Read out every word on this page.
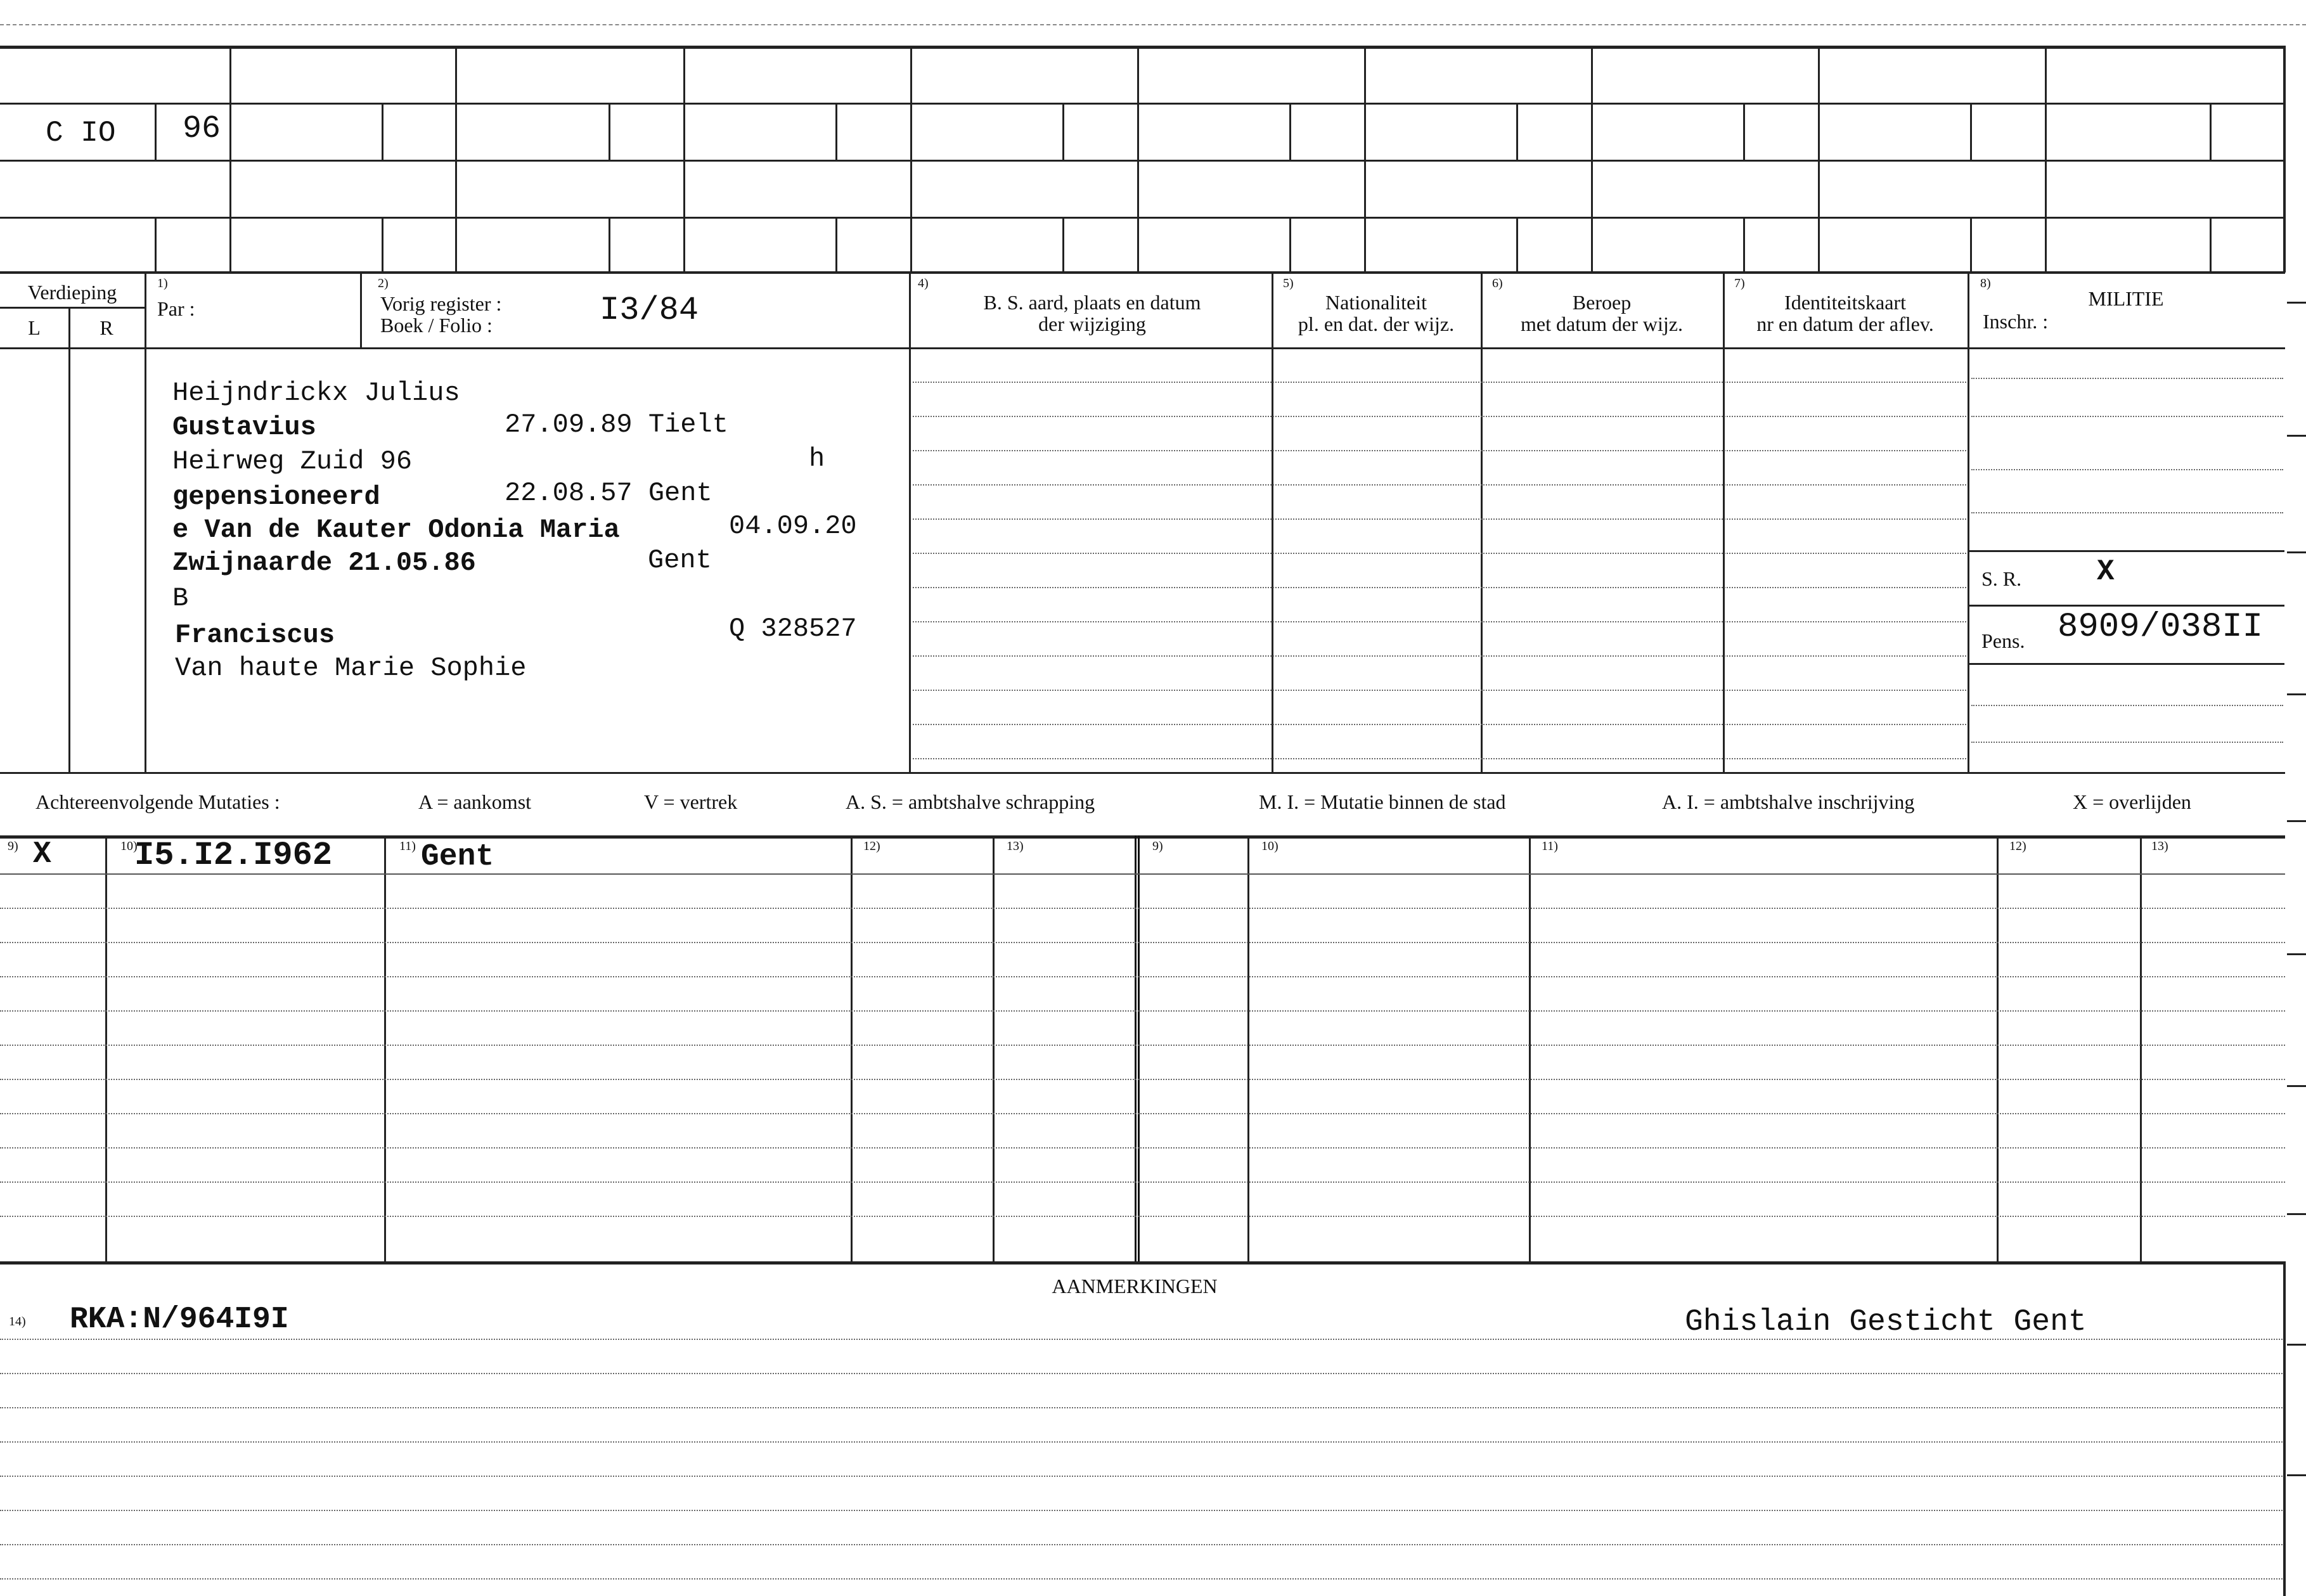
C IO 96
Verdieping
L	R
1)
Par :
2)
Vorig register :
Boek / Folio :	I3/84
4)
B. S. aard, plaats en datum
der wijziging
5)
Nationaliteit
pl. en dat. der wijz.
6)
Beroep
met datum der wijz.
7)
Identiteitskaart
nr en datum der aflev.
8)
MILITIE
Inschr. :
Heijndrickx Julius
Gustavius	27.09.89 Tielt
Heirweg Zuid 96	h
gepensioneerd	22.08.57 Gent
e Van de Kauter Odonia Maria	04.09.20
Zwijnaarde 21.05.86	Gent
B
Franciscus	Q 328527
Van haute Marie Sophie
S. R.	X
Pens. 8909/038II
Achtereenvolgende Mutaties :	A = aankomst	V = vertrek	A. S. = ambtshalve schrapping	M. I. = Mutatie binnen de stad	A. I. = ambtshalve inschrijving	X = overlijden
9)	10)	11)	12)	13)	9)	10)	11)	12)	13)
X	I5.I2.I962	Gent
AANMERKINGEN
14) RKA:N/964I9I	Ghislain Gesticht Gent
